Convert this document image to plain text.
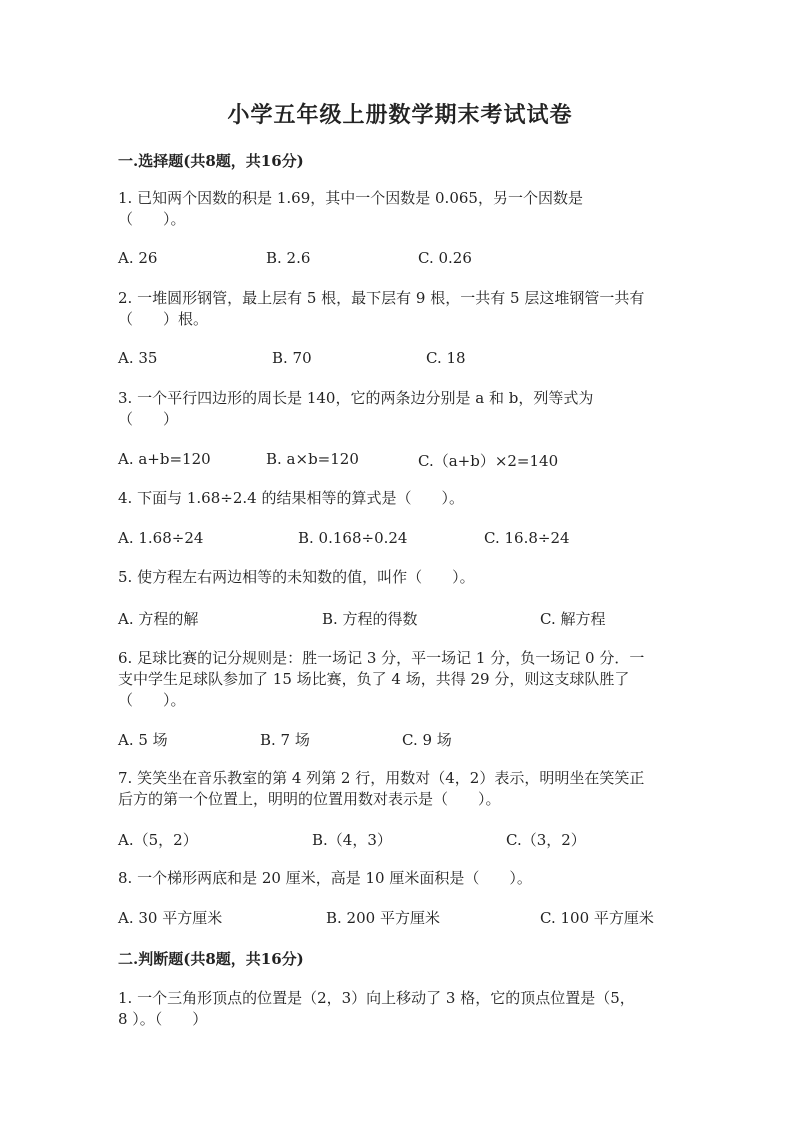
小学五年级上册数学期末考试试卷
一.选择题(共8题，共16分)
1. 已知两个因数的积是 1.69，其中一个因数是 0.065，另一个因数是
（　　）。
A. 26	B. 2.6	C. 0.26
2. 一堆圆形钢管，最上层有 5 根，最下层有 9 根，一共有 5 层这堆钢管一共有
（　　）根。
A. 35	B. 70	C. 18
3. 一个平行四边形的周长是 140，它的两条边分别是 a 和 b，列等式为
（　　）
A. a+b=120	B. a×b=120	C.（a+b）×2=140
4. 下面与 1.68÷2.4 的结果相等的算式是（　　）。
A. 1.68÷24	B. 0.168÷0.24	C. 16.8÷24
5. 使方程左右两边相等的未知数的值，叫作（　　）。
A. 方程的解	B. 方程的得数	C. 解方程
6. 足球比赛的记分规则是：胜一场记 3 分，平一场记 1 分，负一场记 0 分．一
支中学生足球队参加了 15 场比赛，负了 4 场，共得 29 分，则这支球队胜了
（　　）。
A. 5 场	B. 7 场	C. 9 场
7. 笑笑坐在音乐教室的第 4 列第 2 行，用数对（4，2）表示，明明坐在笑笑正
后方的第一个位置上，明明的位置用数对表示是（　　）。
A.（5，2）	B.（4，3）	C.（3，2）
8. 一个梯形两底和是 20 厘米，高是 10 厘米面积是（　　）。
A. 30 平方厘米	B. 200 平方厘米	C. 100 平方厘米
二.判断题(共8题，共16分)
1. 一个三角形顶点的位置是（2，3）向上移动了 3 格，它的顶点位置是（5，
8 ）。（　　）
